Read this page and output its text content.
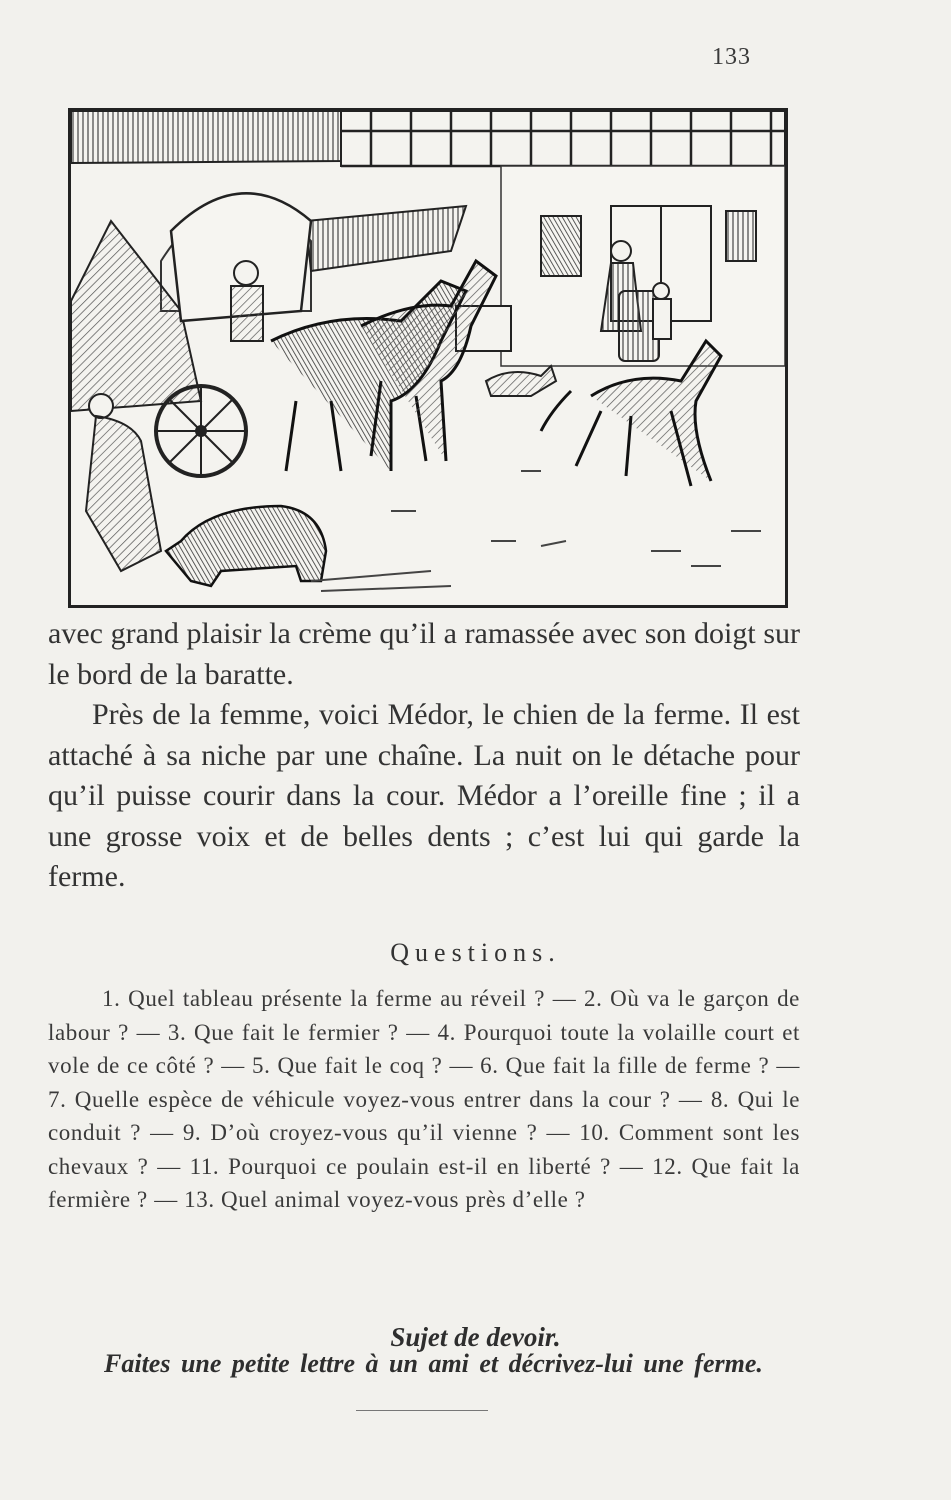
133

avec grand plaisir la crème qu’il a ramassée avec son doigt sur le bord de la baratte.

Près de la femme, voici Médor, le chien de la ferme. Il est attaché à sa niche par une chaîne. La nuit on le détache pour qu’il puisse courir dans la cour. Médor a l’oreille fine ; il a une grosse voix et de belles dents ; c’est lui qui garde la ferme.

Questions.

1. Quel tableau présente la ferme au réveil ? — 2. Où va le garçon de labour ? — 3. Que fait le fermier ? — 4. Pourquoi toute la volaille court et vole de ce côté ? — 5. Que fait le coq ? — 6. Que fait la fille de ferme ? — 7. Quelle espèce de véhicule voyez-vous entrer dans la cour ? — 8. Qui le conduit ? — 9. D’où croyez-vous qu’il vienne ? — 10. Comment sont les chevaux ? — 11. Pourquoi ce poulain est-il en liberté ? — 12. Que fait la fermière ? — 13. Quel animal voyez-vous près d’elle ?

Sujet de devoir.

Faites une petite lettre à un ami et décrivez-lui une ferme.
